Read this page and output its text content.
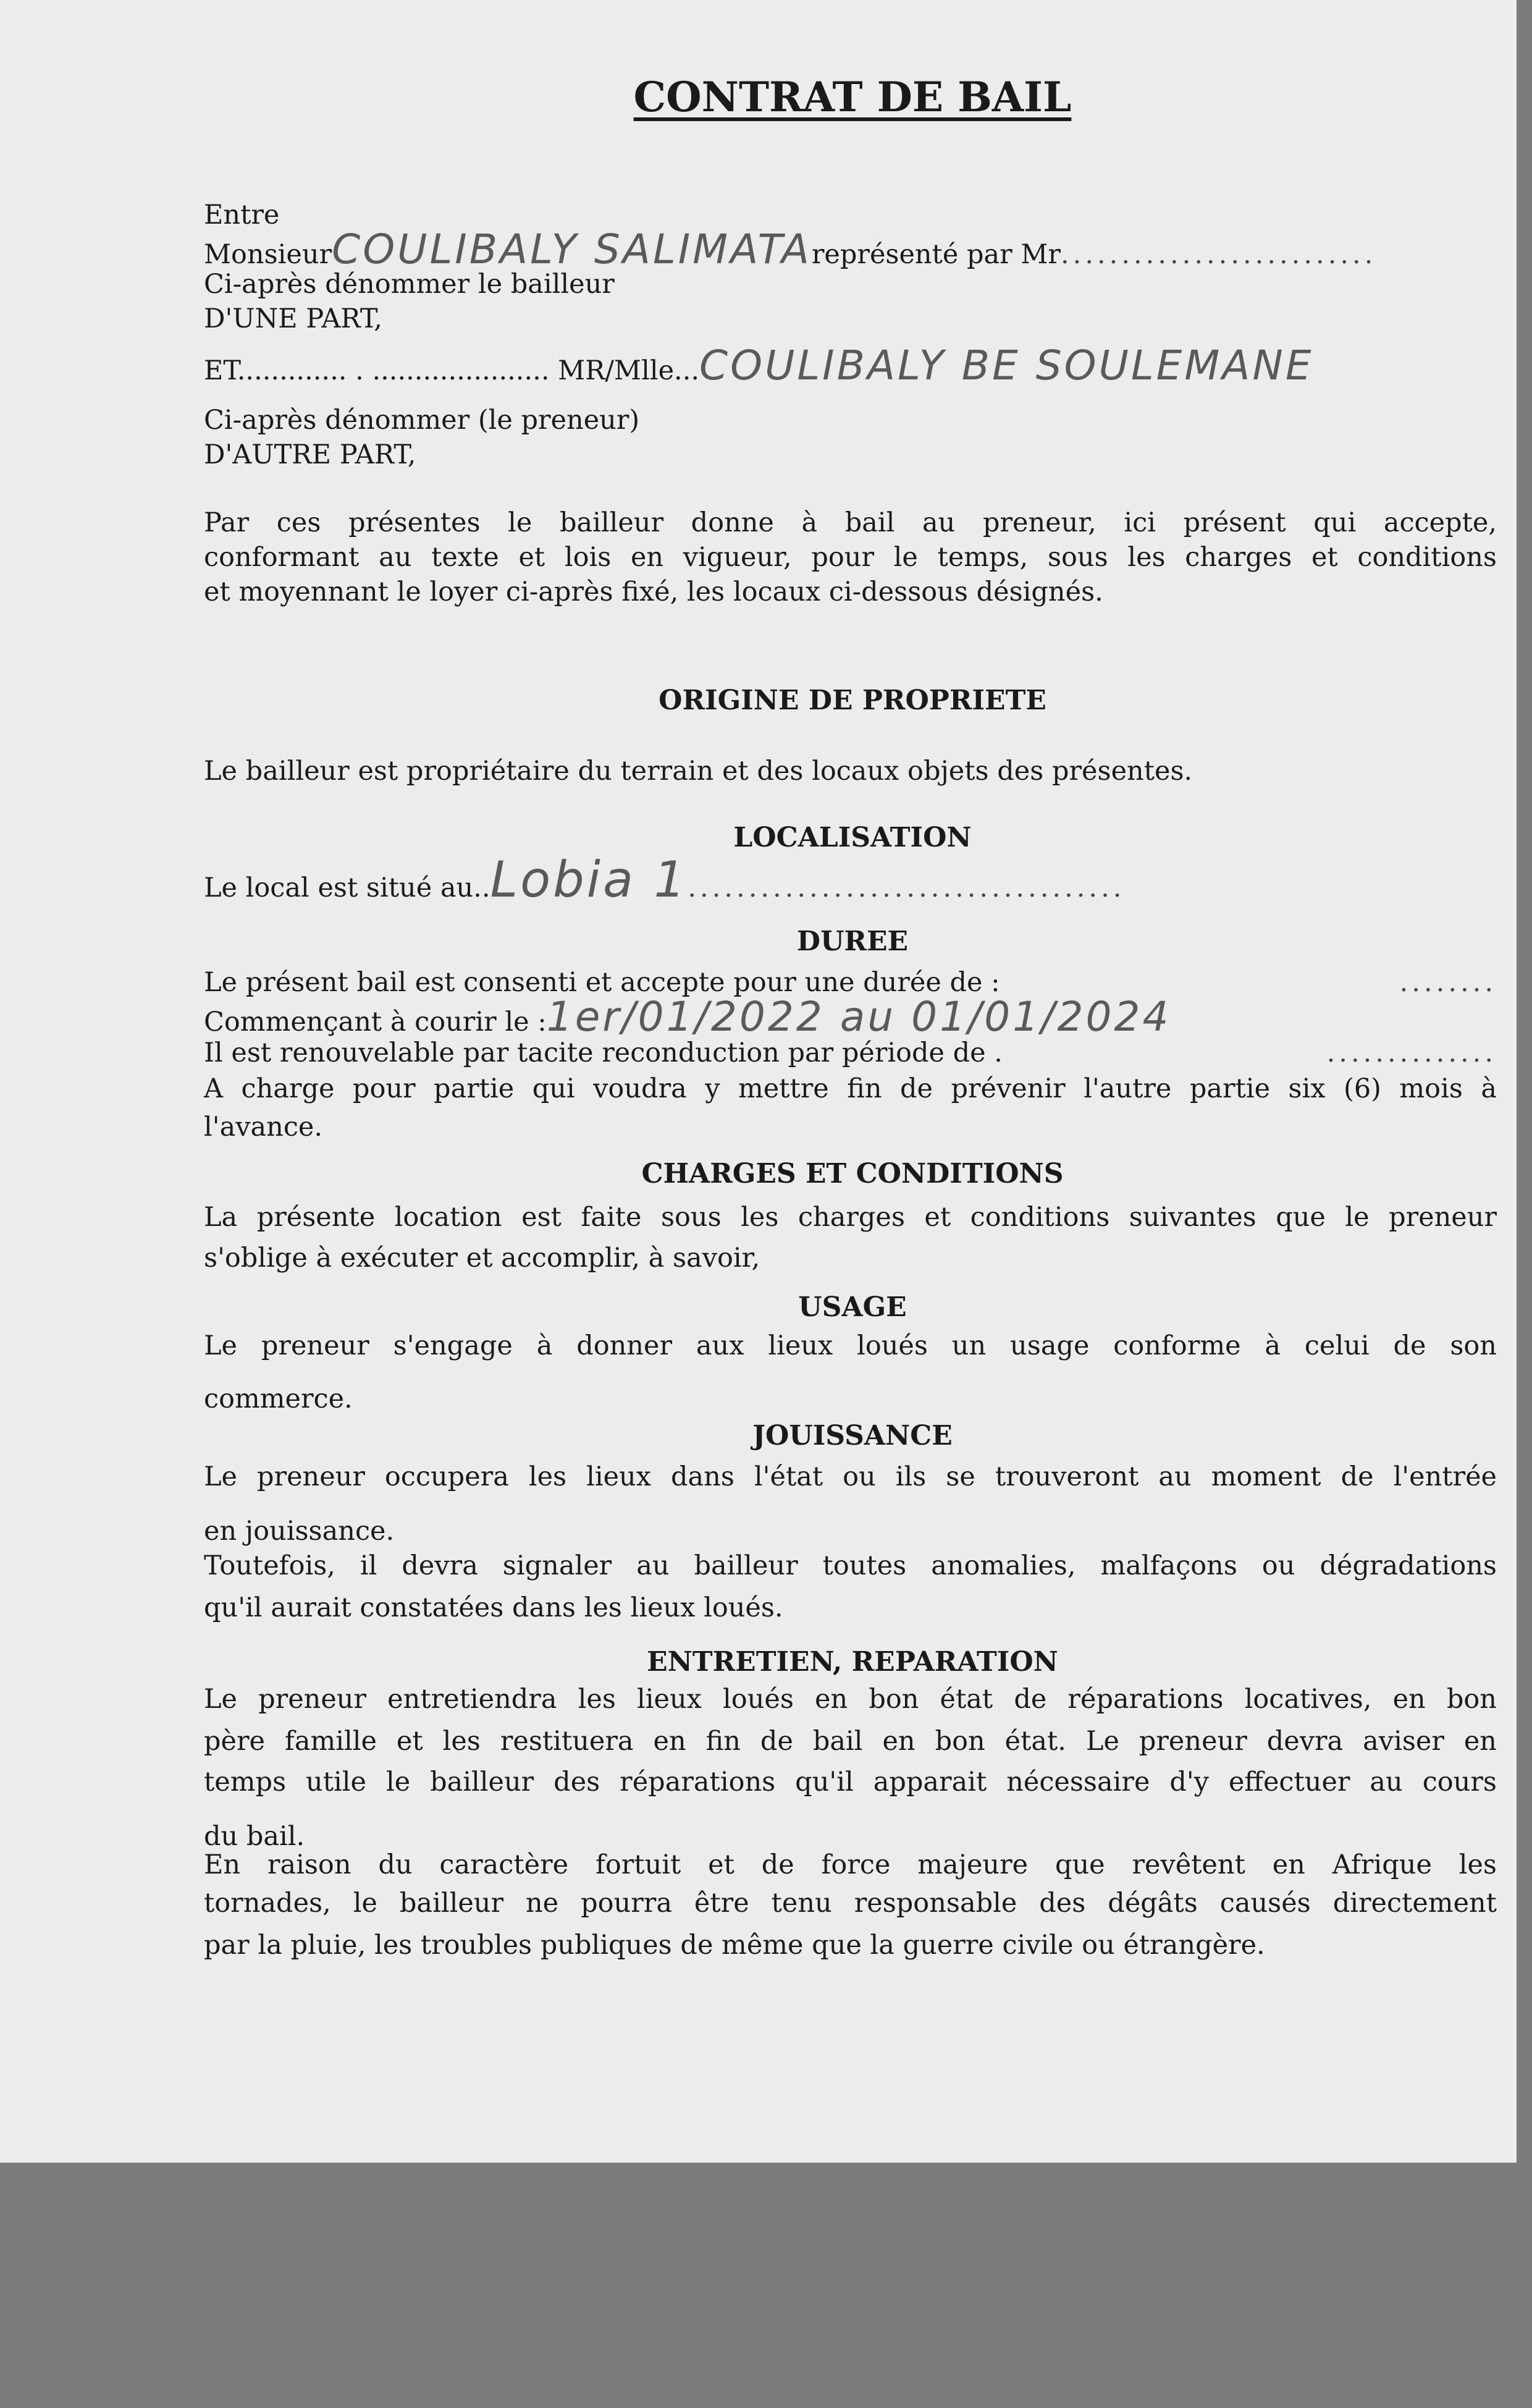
CONTRAT DE BAIL
Entre
MonsieurCOULIBALY SALIMATAreprésenté par Mr..........................
Ci-après dénommer le bailleur
D'UNE PART,
ET............. . ..................... MR/Mlle...COULIBALY BE SOULEMANE
Ci-après dénommer (le preneur)
D'AUTRE PART,
Par ces présentes le bailleur donne à bail au preneur, ici présent qui accepte,
conformant au texte et lois en vigueur, pour le temps, sous les charges et conditions
et moyennant le loyer ci-après fixé, les locaux ci-dessous désignés.
ORIGINE DE PROPRIETE
Le bailleur est propriétaire du terrain et des locaux objets des présentes.
LOCALISATION
Le local est situé au..Lobia 1....................................
DUREE
Le présent bail est consenti et accepte pour une durée de :	........
Commençant à courir le :1er/01/2022 au 01/01/2024
Il est renouvelable par tacite reconduction par période de .	..............
A charge pour partie qui voudra y mettre fin de prévenir l'autre partie six (6) mois à
l'avance.
CHARGES ET CONDITIONS
La présente location est faite sous les charges et conditions suivantes que le preneur
s'oblige à exécuter et accomplir, à savoir,
USAGE
Le preneur s'engage à donner aux lieux loués un usage conforme à celui de son
commerce.
JOUISSANCE
Le preneur occupera les lieux dans l'état ou ils se trouveront au moment de l'entrée
en jouissance.
Toutefois, il devra signaler au bailleur toutes anomalies, malfaçons ou dégradations
qu'il aurait constatées dans les lieux loués.
ENTRETIEN, REPARATION
Le preneur entretiendra les lieux loués en bon état de réparations locatives, en bon
père famille et les restituera en fin de bail en bon état. Le preneur devra aviser en
temps utile le bailleur des réparations qu'il apparait nécessaire d'y effectuer au cours
du bail.
En raison du caractère fortuit et de force majeure que revêtent en Afrique les
tornades, le bailleur ne pourra être tenu responsable des dégâts causés directement
par la pluie, les troubles publiques de même que la guerre civile ou étrangère.
